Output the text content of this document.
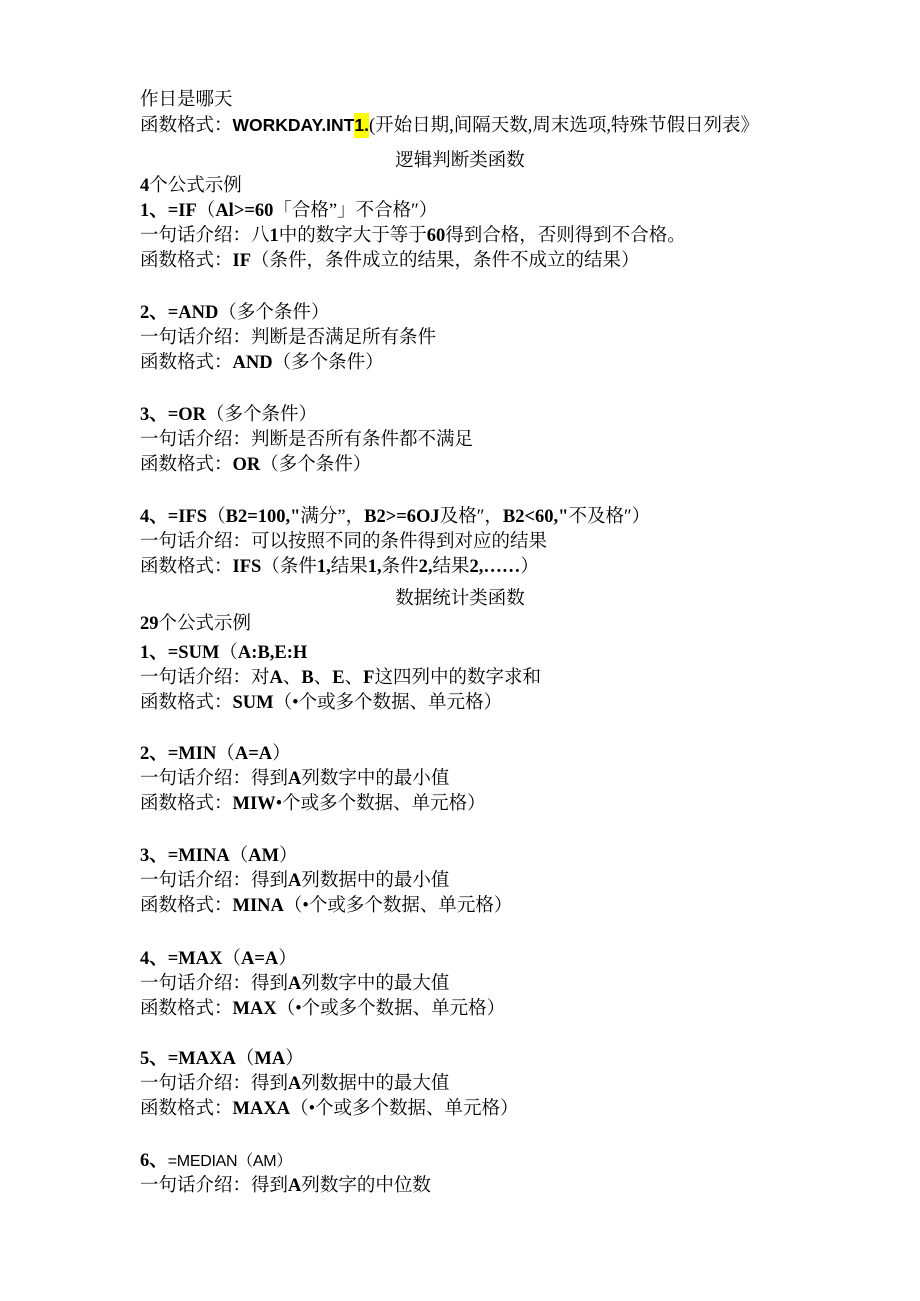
作日是哪天

函数格式： WORKDAY.INT 1. (开始日期,间隔天数,周末选项,特殊节假日列表》

逻辑判断类函数

4 个公式示例

1、=IF （ Al>=60 「合格”」不合格″）

一句话介绍：八 1 中的数字大于等于 60 得到合格，否则得到不合格。

函数格式： IF （条件，条件成立的结果，条件不成立的结果）

2、=AND （多个条件）

一句话介绍：判断是否满足所有条件

函数格式： AND （多个条件）

3、=OR （多个条件）

一句话介绍：判断是否所有条件都不满足

函数格式： OR （多个条件）

4、=IFS （ B2=100," 满分”， B2>=6OJ 及格″， B2<60," 不及格″）

一句话介绍：可以按照不同的条件得到对应的结果

函数格式： IFS （条件 1, 结果 1, 条件 2, 结果 2,…… ）

数据统计类函数

29 个公式示例

1、=SUM （ A:B,E:H

一句话介绍：对 A 、 B 、 E 、 F 这四列中的数字求和

函数格式： SUM （•个或多个数据、单元格）

2、=MIN （ A=A ）

一句话介绍：得到 A 列数字中的最小值

函数格式： MIW •个或多个数据、单元格）

3、=MINA （ AM ）

一句话介绍：得到 A 列数据中的最小值

函数格式： MINA （•个或多个数据、单元格）

4、=MAX （ A=A ）

一句话介绍：得到 A 列数字中的最大值

函数格式： MAX （•个或多个数据、单元格）

5、=MAXA （ MA ）

一句话介绍：得到 A 列数据中的最大值

函数格式： MAXA （•个或多个数据、单元格）

6、 =MEDIAN（AM）

一句话介绍：得到 A 列数字的中位数
